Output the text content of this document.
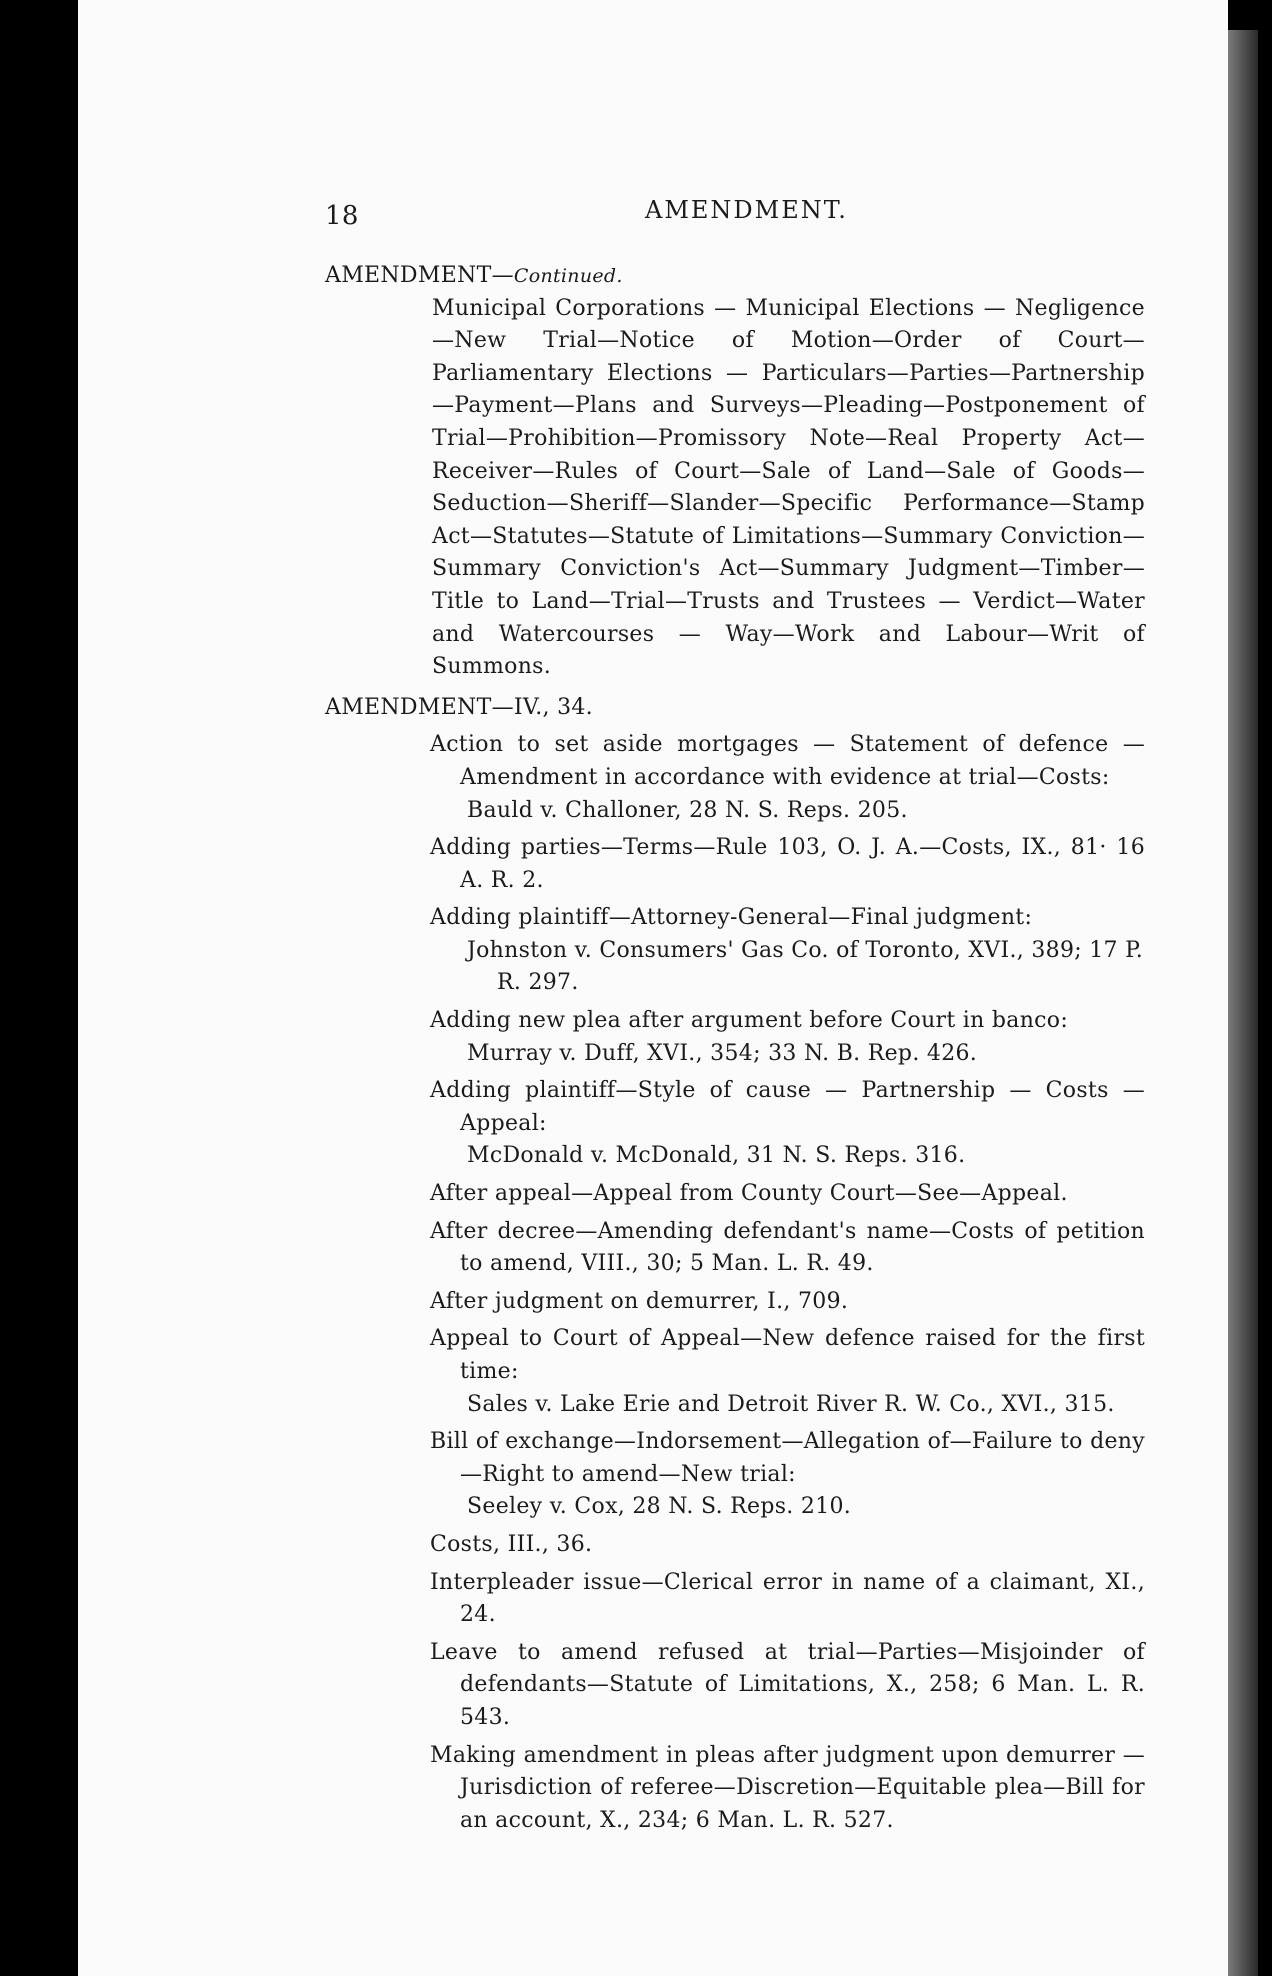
18	AMENDMENT.
AMENDMENT—Continued.
Municipal Corporations — Municipal Elections — Negligence—New Trial—Notice of Motion—Order of Court—Parliamentary Elections — Particulars—Parties—Partnership—Payment—Plans and Surveys—Pleading—Postponement of Trial—Prohibition—Promissory Note—Real Property Act—Receiver—Rules of Court—Sale of Land—Sale of Goods—Seduction—Sheriff—Slander—Specific Performance—Stamp Act—Statutes—Statute of Limitations—Summary Conviction—Summary Conviction's Act—Summary Judgment—Timber—Title to Land—Trial—Trusts and Trustees — Verdict—Water and Watercourses — Way—Work and Labour—Writ of Summons.
AMENDMENT—IV., 34.
Action to set aside mortgages — Statement of defence — Amendment in accordance with evidence at trial—Costs:
Bauld v. Challoner, 28 N. S. Reps. 205.
Adding parties—Terms—Rule 103, O. J. A.—Costs, IX., 81· 16 A. R. 2.
Adding plaintiff—Attorney-General—Final judgment:
Johnston v. Consumers' Gas Co. of Toronto, XVI., 389; 17 P. R. 297.
Adding new plea after argument before Court in banco:
Murray v. Duff, XVI., 354; 33 N. B. Rep. 426.
Adding plaintiff—Style of cause — Partnership — Costs — Appeal:
McDonald v. McDonald, 31 N. S. Reps. 316.
After appeal—Appeal from County Court—See—Appeal.
After decree—Amending defendant's name—Costs of petition to amend, VIII., 30; 5 Man. L. R. 49.
After judgment on demurrer, I., 709.
Appeal to Court of Appeal—New defence raised for the first time:
Sales v. Lake Erie and Detroit River R. W. Co., XVI., 315.
Bill of exchange—Indorsement—Allegation of—Failure to deny—Right to amend—New trial:
Seeley v. Cox, 28 N. S. Reps. 210.
Costs, III., 36.
Interpleader issue—Clerical error in name of a claimant, XI., 24.
Leave to amend refused at trial—Parties—Misjoinder of defendants—Statute of Limitations, X., 258; 6 Man. L. R. 543.
Making amendment in pleas after judgment upon demurrer —Jurisdiction of referee—Discretion—Equitable plea—Bill for an account, X., 234; 6 Man. L. R. 527.
